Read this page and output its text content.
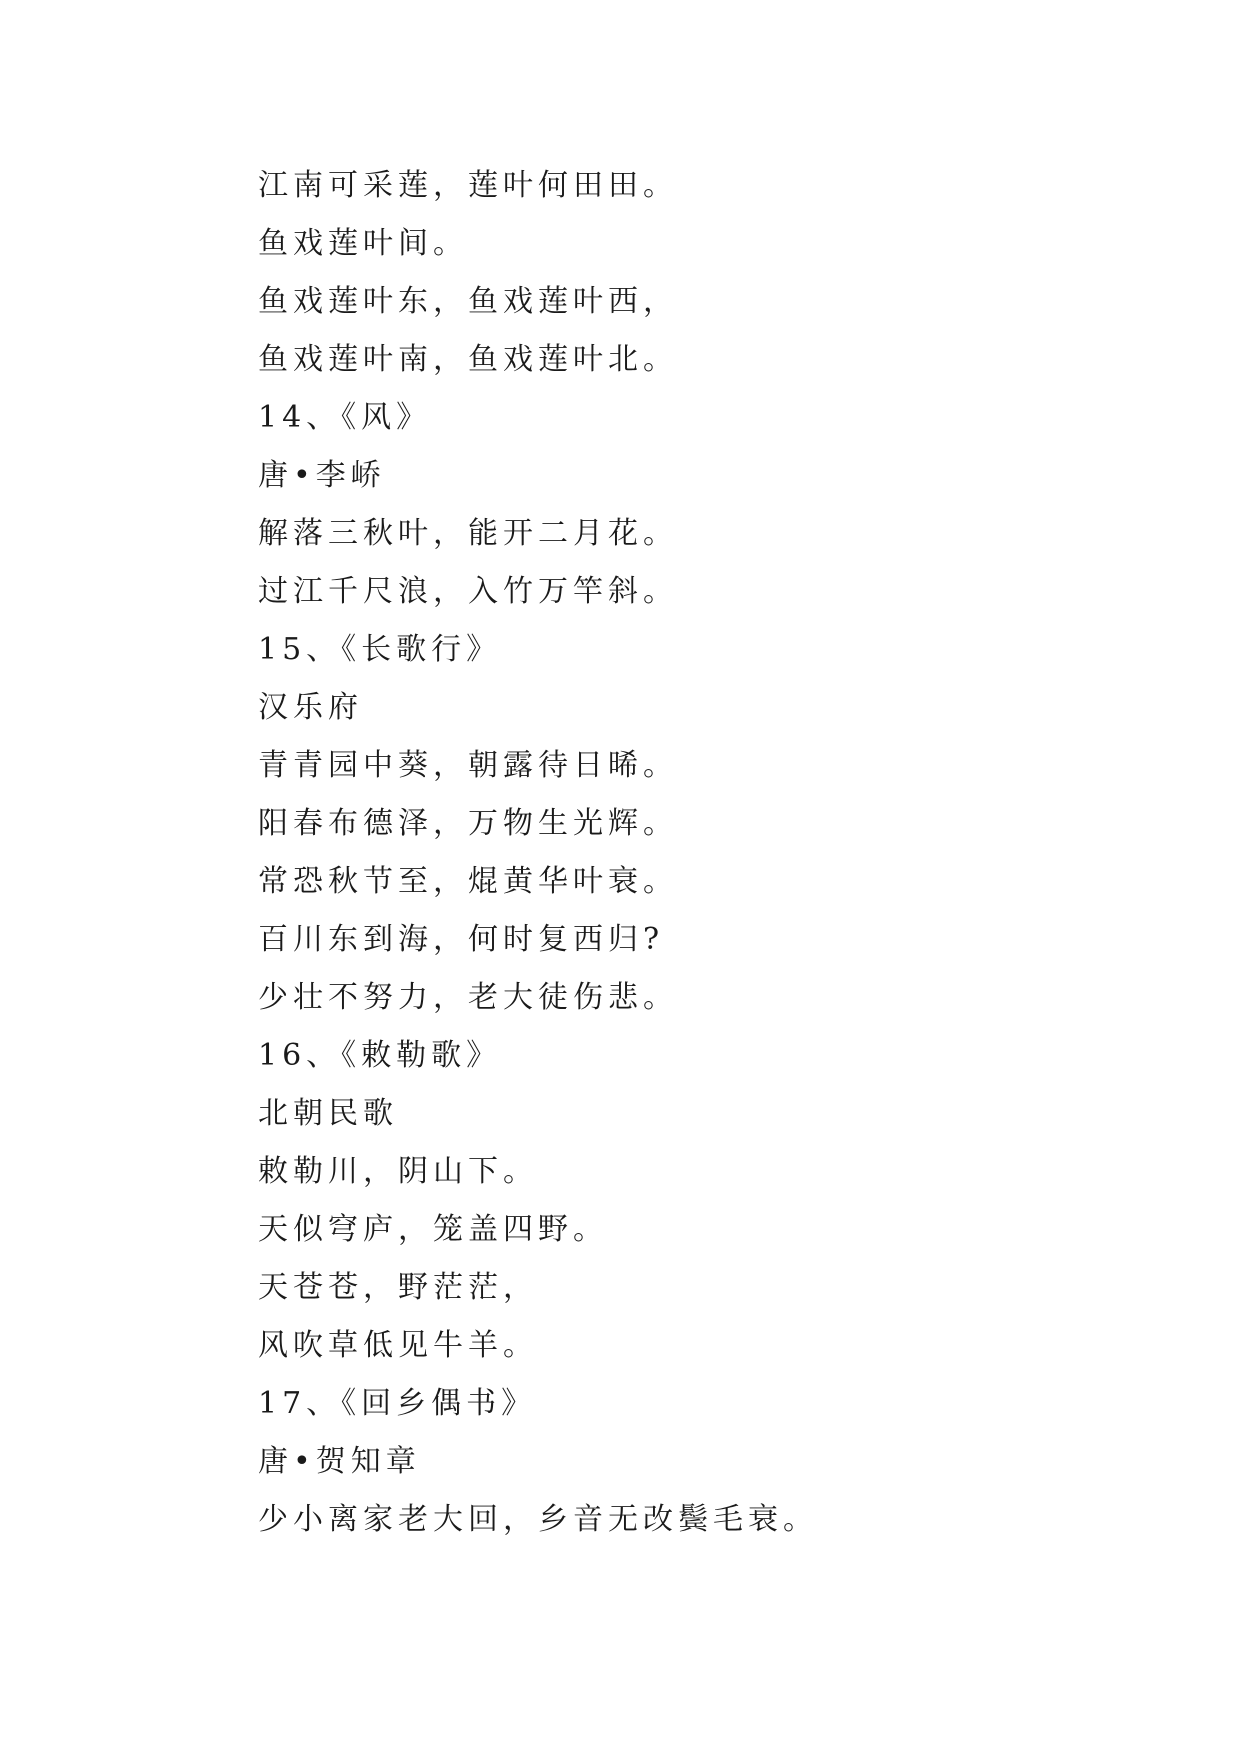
江南可采莲，莲叶何田田。
鱼戏莲叶间。
鱼戏莲叶东，鱼戏莲叶西，
鱼戏莲叶南，鱼戏莲叶北。
14、《风》
唐•李峤
解落三秋叶，能开二月花。
过江千尺浪，入竹万竿斜。
15、《长歌行》
汉乐府
青青园中葵，朝露待日晞。
阳春布德泽，万物生光辉。
常恐秋节至，焜黄华叶衰。
百川东到海，何时复西归?
少壮不努力，老大徒伤悲。
16、《敕勒歌》
北朝民歌
敕勒川，阴山下。
天似穹庐，笼盖四野。
天苍苍，野茫茫，
风吹草低见牛羊。
17、《回乡偶书》
唐•贺知章
少小离家老大回，乡音无改鬓毛衰。
